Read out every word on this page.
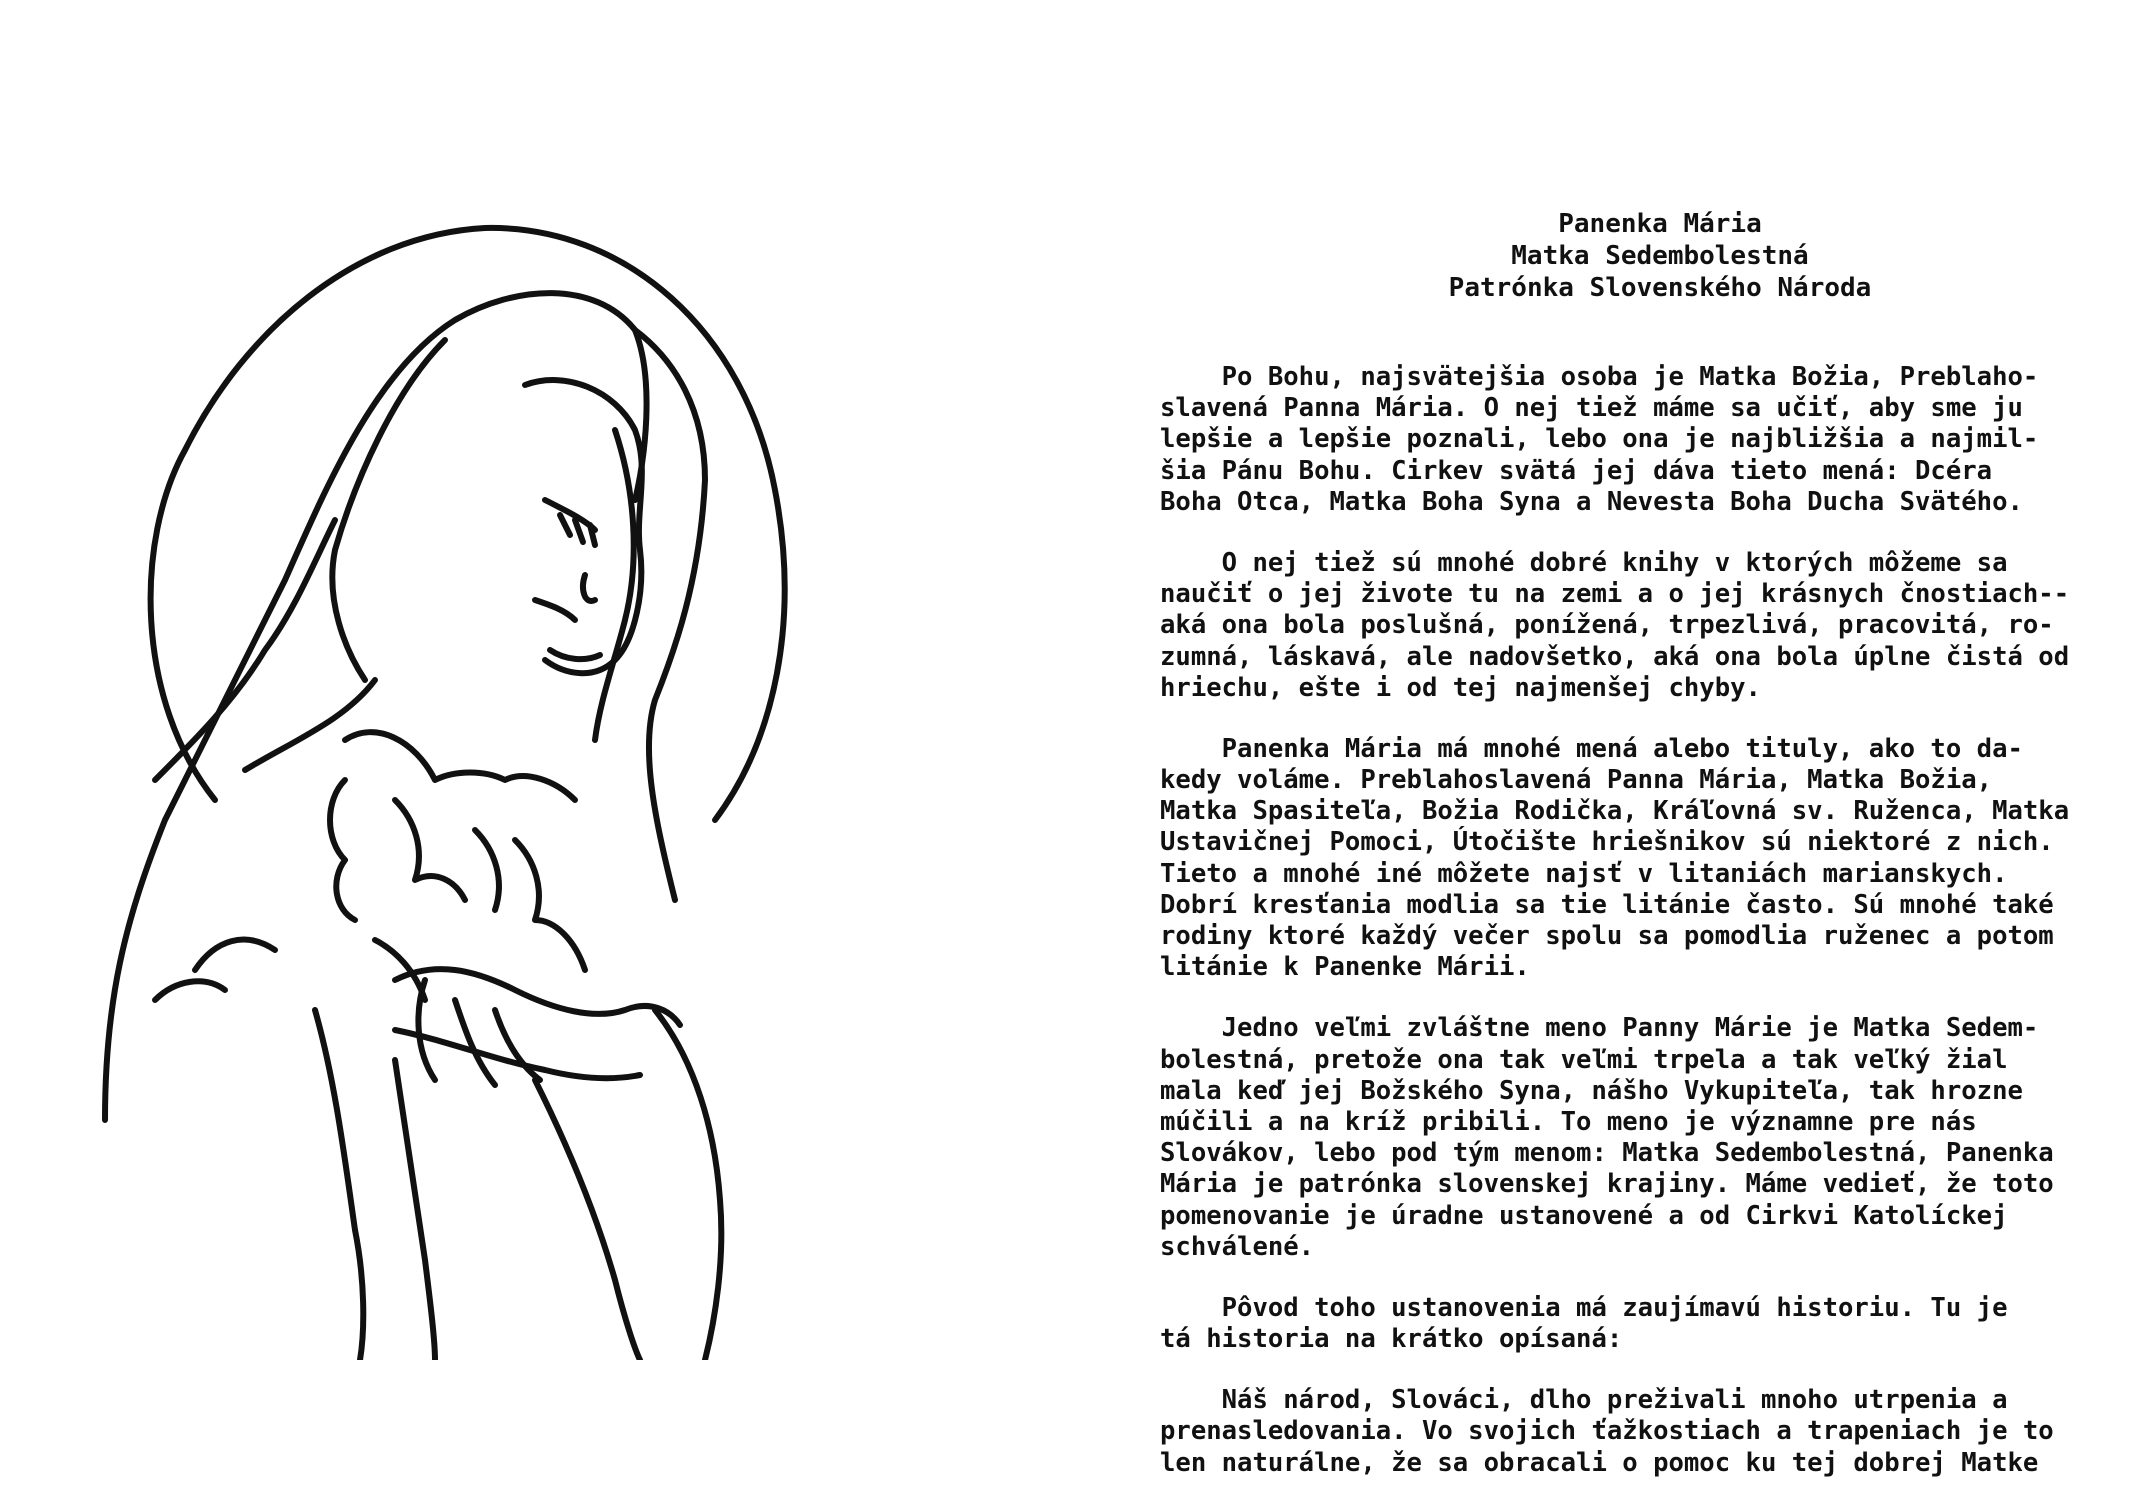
Panenka Mária
Matka Sedembolestná
Patrónka Slovenského Národa
Po Bohu, najsvätejšia osoba je Matka Božia, Preblaho-
slavená Panna Mária. O nej tiež máme sa učiť, aby sme ju
lepšie a lepšie poznali, lebo ona je najbližšia a najmil-
šia Pánu Bohu. Cirkev svätá jej dáva tieto mená: Dcéra
Boha Otca, Matka Boha Syna a Nevesta Boha Ducha Svätého.
O nej tiež sú mnohé dobré knihy v ktorých môžeme sa
naučiť o jej živote tu na zemi a o jej krásnych čnostiach--
aká ona bola poslušná, ponížená, trpezlivá, pracovitá, ro-
zumná, láskavá, ale nadovšetko, aká ona bola úplne čistá od
hriechu, ešte i od tej najmenšej chyby.
Panenka Mária má mnohé mená alebo tituly, ako to da-
kedy voláme. Preblahoslavená Panna Mária, Matka Božia,
Matka Spasiteľa, Božia Rodička, Kráľovná sv. Ruženca, Matka
Ustavičnej Pomoci, Útočište hriešnikov sú niektoré z nich.
Tieto a mnohé iné môžete najsť v litaniách marianskych.
Dobrí kresťania modlia sa tie litánie často. Sú mnohé také
rodiny ktoré každý večer spolu sa pomodlia ruženec a potom
litánie k Panenke Márii.
Jedno veľmi zvláštne meno Panny Márie je Matka Sedem-
bolestná, pretože ona tak veľmi trpela a tak veľký žial
mala keď jej Božského Syna, nášho Vykupiteľa, tak hrozne
múčili a na kríž pribili. To meno je významne pre nás
Slovákov, lebo pod tým menom: Matka Sedembolestná, Panenka
Mária je patrónka slovenskej krajiny. Máme vedieť, že toto
pomenovanie je úradne ustanovené a od Cirkvi Katolíckej
schválené.
Pôvod toho ustanovenia má zaujímavú historiu. Tu je
tá historia na krátko opísaná:
Náš národ, Slováci, dlho preživali mnoho utrpenia a
prenasledovania. Vo svojich ťažkostiach a trapeniach je to
len naturálne, že sa obracali o pomoc ku tej dobrej Matke
